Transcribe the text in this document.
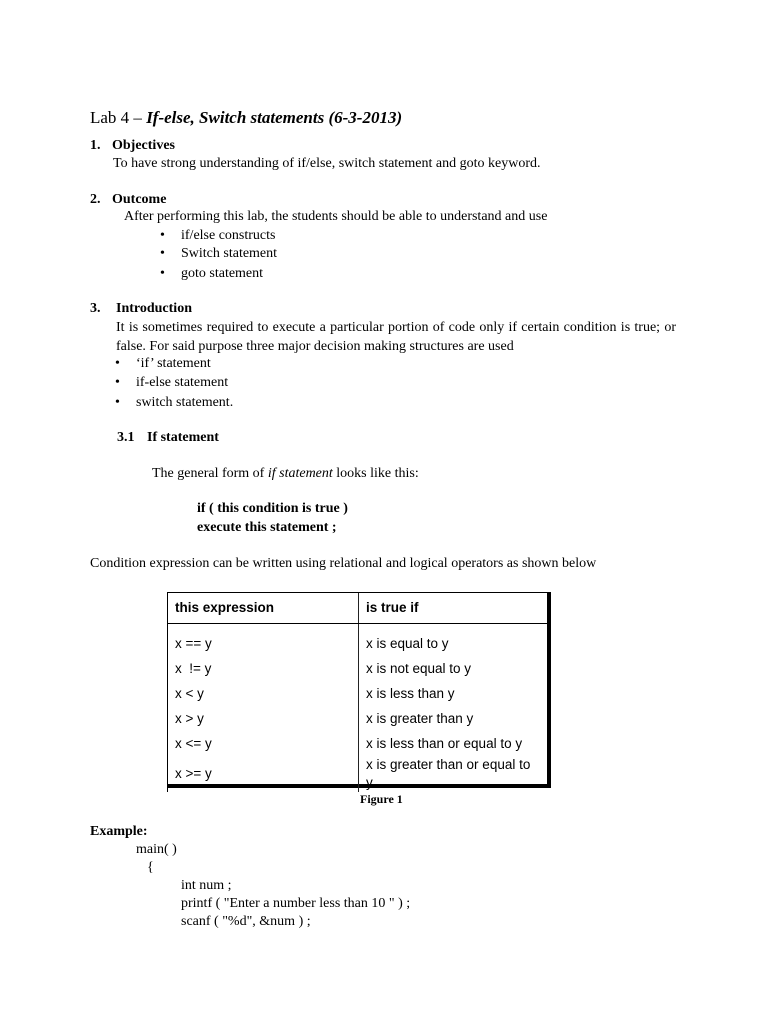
Lab 4 – If-else, Switch statements (6-3-2013)
1. Objectives
To have strong understanding of if/else, switch statement and goto keyword.
2. Outcome
After performing this lab, the students should be able to understand and use
• if/else constructs
• Switch statement
• goto statement
3. Introduction
It is sometimes required to execute a particular portion of code only if certain condition is true; or false. For said purpose three major decision making structures are used
• ‘if’ statement
• if-else statement
• switch statement.
3.1 If statement
The general form of if statement looks like this:
if ( this condition is true )
execute this statement ;
Condition expression can be written using relational and logical operators as shown below
this expression	is true if

x == y	x is equal to y
x  != y	x is not equal to y
x < y	x is less than y
x > y	x is greater than y
x <= y	x is less than or equal to y
x >= y	x is greater than or equal to y
Figure 1
Example:
main( )
{
int num ;
printf ( "Enter a number less than 10 " ) ;
scanf ( "%d", &num ) ;
